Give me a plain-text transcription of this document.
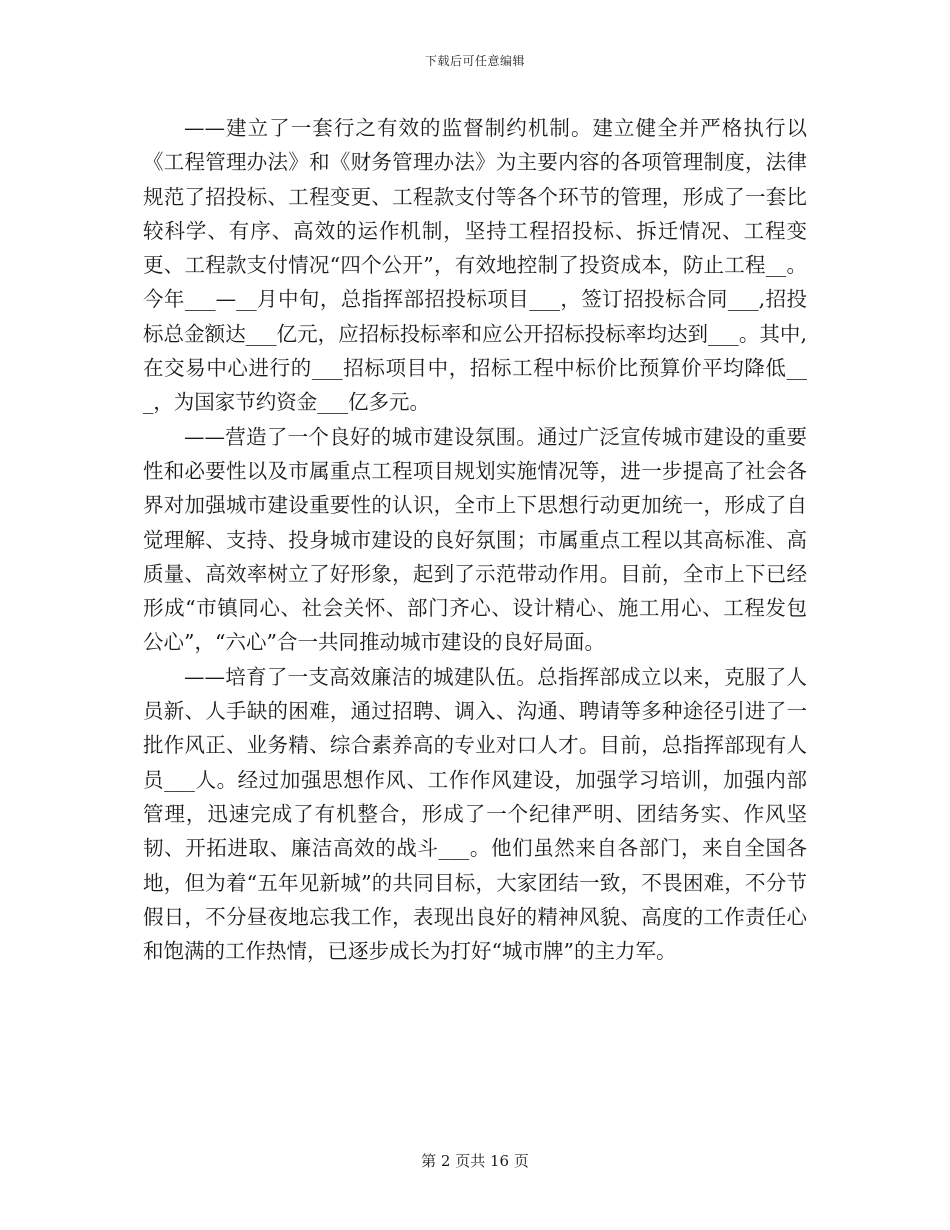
下载后可任意编辑

——建立了一套行之有效的监督制约机制。建立健全并严格执行以《工程管理办法》和《财务管理办法》为主要内容的各项管理制度，法律规范了招投标、工程变更、工程款支付等各个环节的管理，形成了一套比较科学、有序、高效的运作机制，坚持工程招投标、拆迁情况、工程变更、工程款支付情况“四个公开”，有效地控制了投资成本，防止工程__。今年___—__月中旬，总指挥部招投标项目___，签订招投标合同___,招投标总金额达___亿元，应招标投标率和应公开招标投标率均达到___。其中,在交易中心进行的___招标项目中，招标工程中标价比预算价平均降低___，为国家节约资金___亿多元。

——营造了一个良好的城市建设氛围。通过广泛宣传城市建设的重要性和必要性以及市属重点工程项目规划实施情况等，进一步提高了社会各界对加强城市建设重要性的认识，全市上下思想行动更加统一，形成了自觉理解、支持、投身城市建设的良好氛围；市属重点工程以其高标准、高质量、高效率树立了好形象，起到了示范带动作用。目前，全市上下已经形成“市镇同心、社会关怀、部门齐心、设计精心、施工用心、工程发包公心”，“六心”合一共同推动城市建设的良好局面。

——培育了一支高效廉洁的城建队伍。总指挥部成立以来，克服了人员新、人手缺的困难，通过招聘、调入、沟通、聘请等多种途径引进了一批作风正、业务精、综合素养高的专业对口人才。目前，总指挥部现有人员___人。经过加强思想作风、工作作风建设，加强学习培训，加强内部管理，迅速完成了有机整合，形成了一个纪律严明、团结务实、作风坚韧、开拓进取、廉洁高效的战斗___。他们虽然来自各部门，来自全国各地，但为着“五年见新城”的共同目标，大家团结一致，不畏困难，不分节假日，不分昼夜地忘我工作，表现出良好的精神风貌、高度的工作责任心和饱满的工作热情，已逐步成长为打好“城市牌”的主力军。

第 2 页共 16 页
